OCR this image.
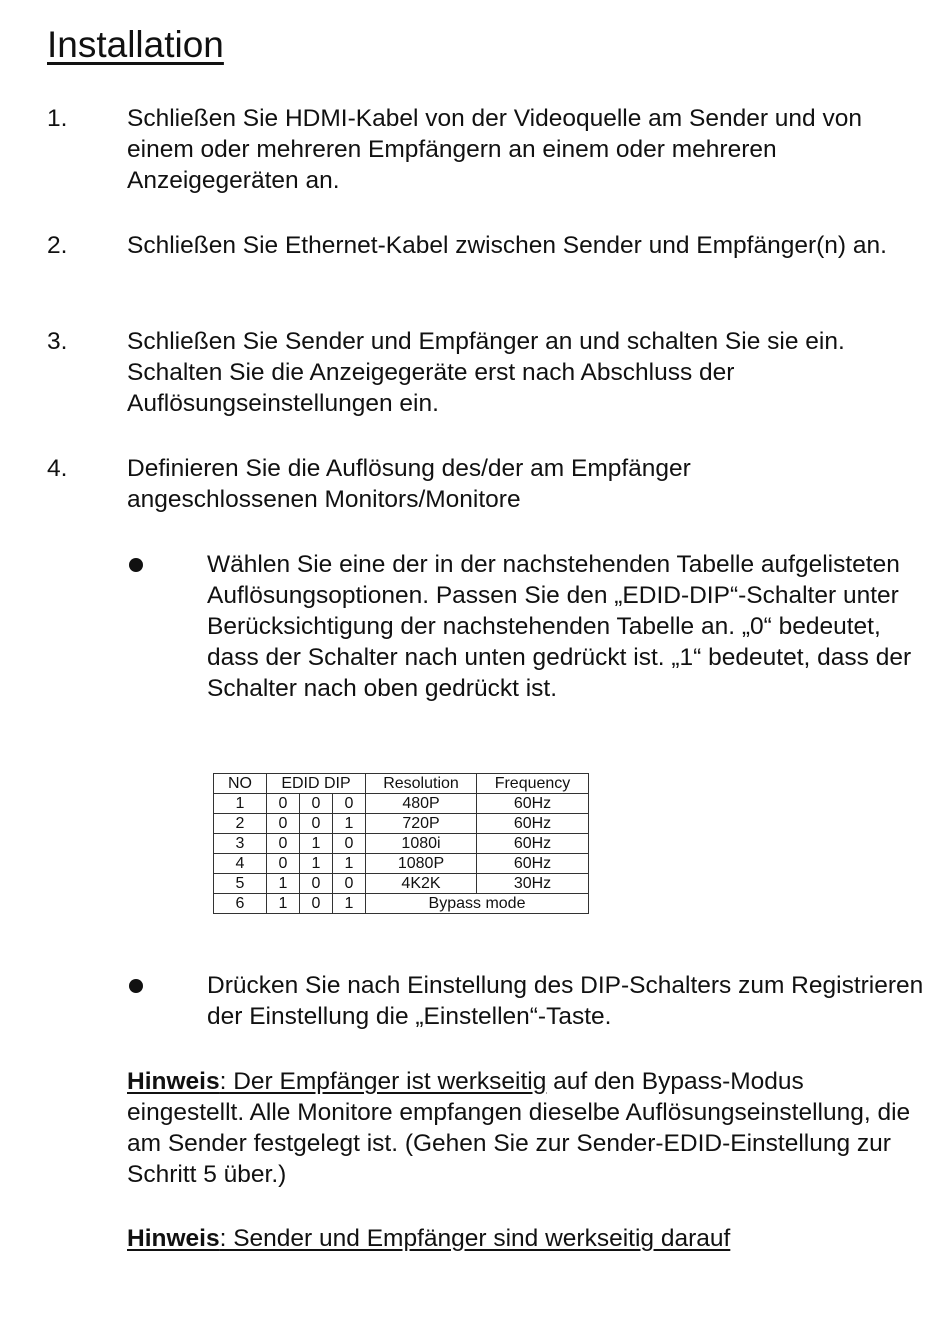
Installation
1. Schließen Sie HDMI-Kabel von der Videoquelle am Sender und von einem oder mehreren Empfängern an einem oder mehreren Anzeigegeräten an.
2. Schließen Sie Ethernet-Kabel zwischen Sender und Empfänger(n) an.
3. Schließen Sie Sender und Empfänger an und schalten Sie sie ein. Schalten Sie die Anzeigegeräte erst nach Abschluss der Auflösungseinstellungen ein.
4. Definieren Sie die Auflösung des/der am Empfänger angeschlossenen Monitors/Monitore
Wählen Sie eine der in der nachstehenden Tabelle aufgelisteten Auflösungsoptionen. Passen Sie den „EDID-DIP“-Schalter unter Berücksichtigung der nachstehenden Tabelle an. „0“ bedeutet, dass der Schalter nach unten gedrückt ist. „1“ bedeutet, dass der Schalter nach oben gedrückt ist.
NO	EDID DIP			Resolution	Frequency
1	0	0	0	480P	60Hz
2	0	0	1	720P	60Hz
3	0	1	0	1080i	60Hz
4	0	1	1	1080P	60Hz
5	1	0	0	4K2K	30Hz
6	1	0	1	Bypass mode	
Drücken Sie nach Einstellung des DIP-Schalters zum Registrieren der Einstellung die „Einstellen“-Taste.
Hinweis: Der Empfänger ist werkseitig auf den Bypass-Modus eingestellt. Alle Monitore empfangen dieselbe Auflösungseinstellung, die am Sender festgelegt ist. (Gehen Sie zur Sender-EDID-Einstellung zur Schritt 5 über.)
Hinweis: Sender und Empfänger sind werkseitig darauf
